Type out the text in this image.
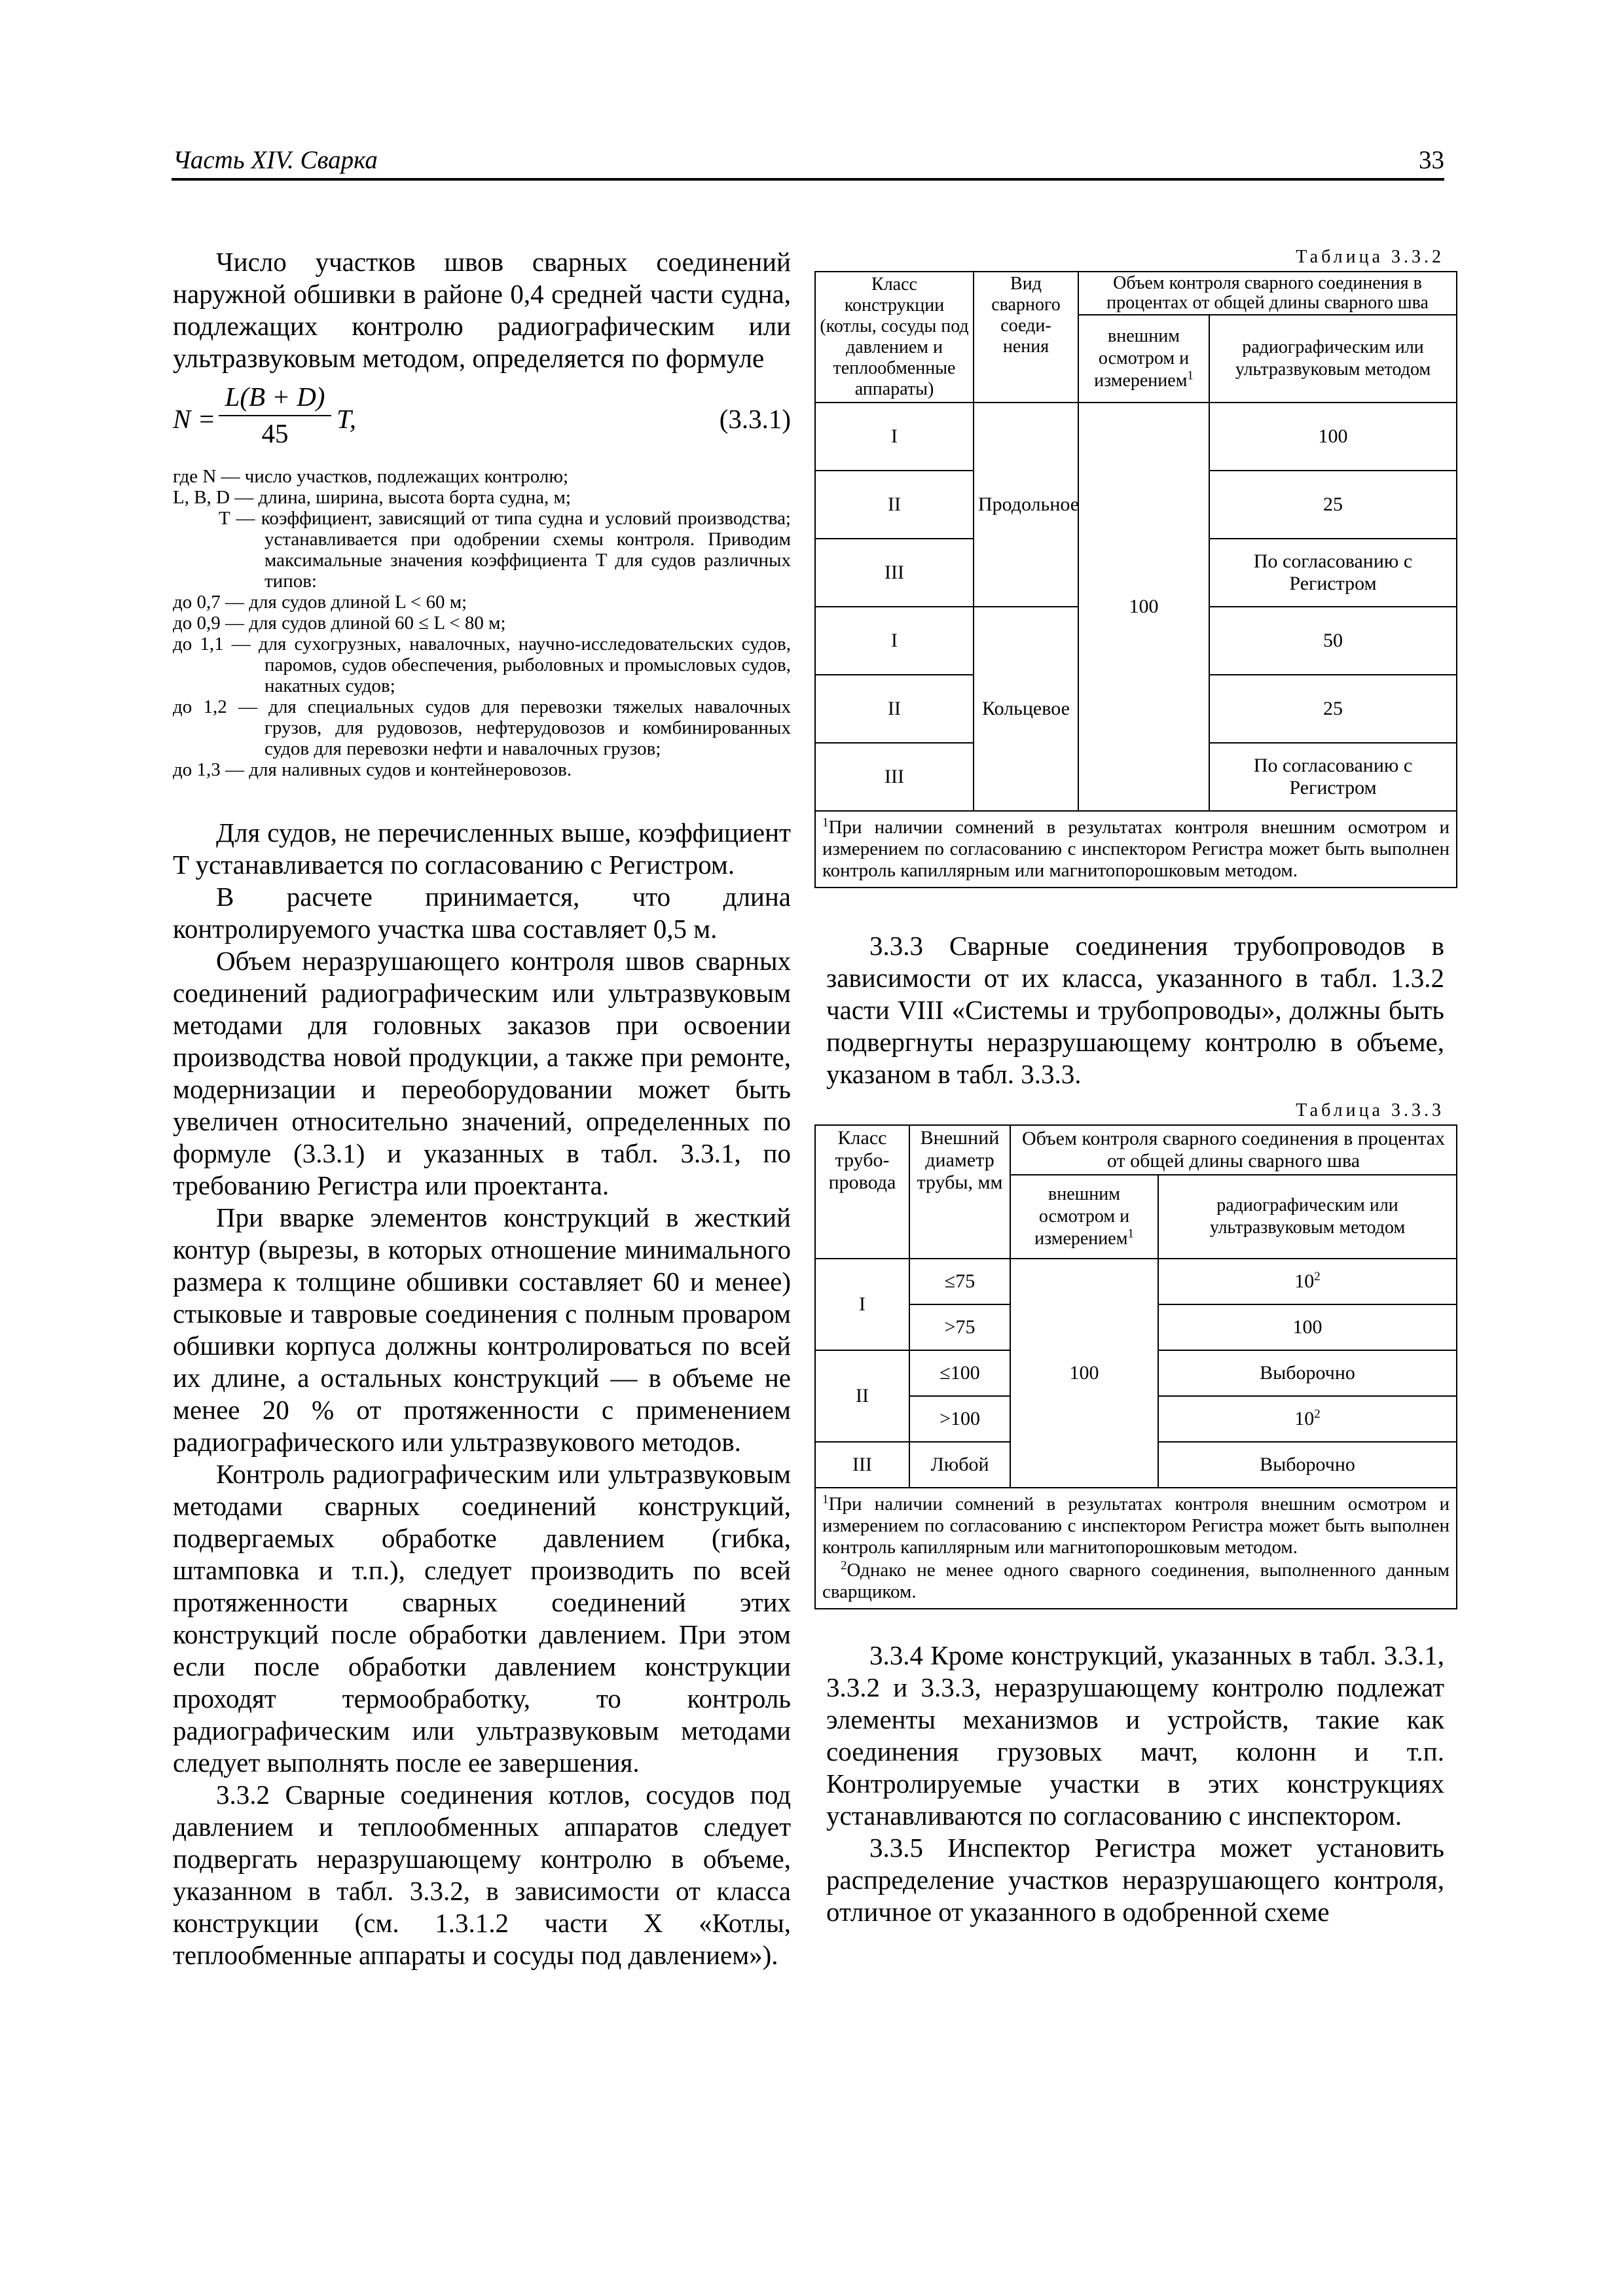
Часть XIV. Сварка	33

Число участков швов сварных соединений наружной обшивки в районе 0,4 средней части судна, подлежащих контролю радиографическим или ультразвуковым методом, определяется по формуле

N =
L(B + D)
45	T,	(3.3.1)

где N — число участков, подлежащих контролю;

L, B, D — длина, ширина, высота борта судна, м;

T — коэффициент, зависящий от типа судна и условий производства; устанавливается при одобрении схемы контроля. Приводим максимальные значения коэффициента T для судов различных типов:

до 0,7 — для судов длиной L < 60 м;

до 0,9 — для судов длиной 60 ≤ L < 80 м;

до 1,1 — для сухогрузных, навалочных, научно-исследовательских судов, паромов, судов обеспечения, рыболовных и промысловых судов, накатных судов;

до 1,2 — для специальных судов для перевозки тяжелых навалочных грузов, для рудовозов, нефтерудовозов и комбинированных судов для перевозки нефти и навалочных грузов;

до 1,3 — для наливных судов и контейнеровозов.

Для судов, не перечисленных выше, коэффициент T устанавливается по согласованию с Регистром.

В расчете принимается, что длина контролируемого участка шва составляет 0,5 м.

Объем неразрушающего контроля швов сварных соединений радиографическим или ультразвуковым методами для головных заказов при освоении производства новой продукции, а также при ремонте, модернизации и переоборудовании может быть увеличен относительно значений, определенных по формуле (3.3.1) и указанных в табл. 3.3.1, по требованию Регистра или проектанта.

При вварке элементов конструкций в жесткий контур (вырезы, в которых отношение минимального размера к толщине обшивки составляет 60 и менее) стыковые и тавровые соединения с полным проваром обшивки корпуса должны контролироваться по всей их длине, а остальных конструкций — в объеме не менее 20 % от протяженности с применением радиографического или ультразвукового методов.

Контроль радиографическим или ультразвуковым методами сварных соединений конструкций, подвергаемых обработке давлением (гибка, штамповка и т.п.), следует производить по всей протяженности сварных соединений этих конструкций после обработки давлением. При этом если после обработки давлением конструкции проходят термообработку, то контроль радиографическим или ультразвуковым методами следует выполнять после ее завершения.

3.3.2 Сварные соединения котлов, сосудов под давлением и теплообменных аппаратов следует подвергать неразрушающему контролю в объеме, указанном в табл. 3.3.2, в зависимости от класса конструкции (см. 1.3.1.2 части X «Котлы, теплообменные аппараты и сосуды под давлением»).

Таблица 3.3.2
Класс конструкции (котлы, сосуды под давлением и теплообменные аппараты)	Вид сварного соеди- нения	Объем контроля сварного соединения в процентах от общей длины сварного шва	
		внешним осмотром и измерением$^1$	радиографическим или ультразвуковым методом
I	Продольное	100	100
II			25
III			По согласованию с Регистром
I	Кольцевое		50
II			25
III			По согласованию с Регистром
$^1$При наличии сомнений в результатах контроля внешним осмотром и измерением по согласованию с инспектором Регистра может быть выполнен контроль капиллярным или магнитопорошковым методом.			

3.3.3 Сварные соединения трубопроводов в зависимости от их класса, указанного в табл. 1.3.2 части VIII «Системы и трубопроводы», должны быть подвергнуты неразрушающему контролю в объеме, указаном в табл. 3.3.3.

Таблица 3.3.3
Класс трубо- провода	Внешний диаметр трубы, мм	Объем контроля сварного соединения в процентах от общей длины сварного шва	
		внешним осмотром и измерением$^1$	радиографическим или ультразвуковым методом
I	≤75	100	$10^2$
	>75		100
II	≤100		Выборочно
	>100		$10^2$
III	Любой		Выборочно

$^1$При наличии сомнений в результатах контроля внешним осмотром и измерением по согласованию с инспектором Регистра может быть выполнен контроль капиллярным или магнитопорошковым методом.
$^2$Однако не менее одного сварного соединения, выполненного данным сварщиком.			

3.3.4 Кроме конструкций, указанных в табл. 3.3.1, 3.3.2 и 3.3.3, неразрушающему контролю подлежат элементы механизмов и устройств, такие как соединения грузовых мачт, колонн и т.п. Контролируемые участки в этих конструкциях устанавливаются по согласованию с инспектором.

3.3.5 Инспектор Регистра может установить распределение участков неразрушающего контроля, отличное от указанного в одобренной схеме
